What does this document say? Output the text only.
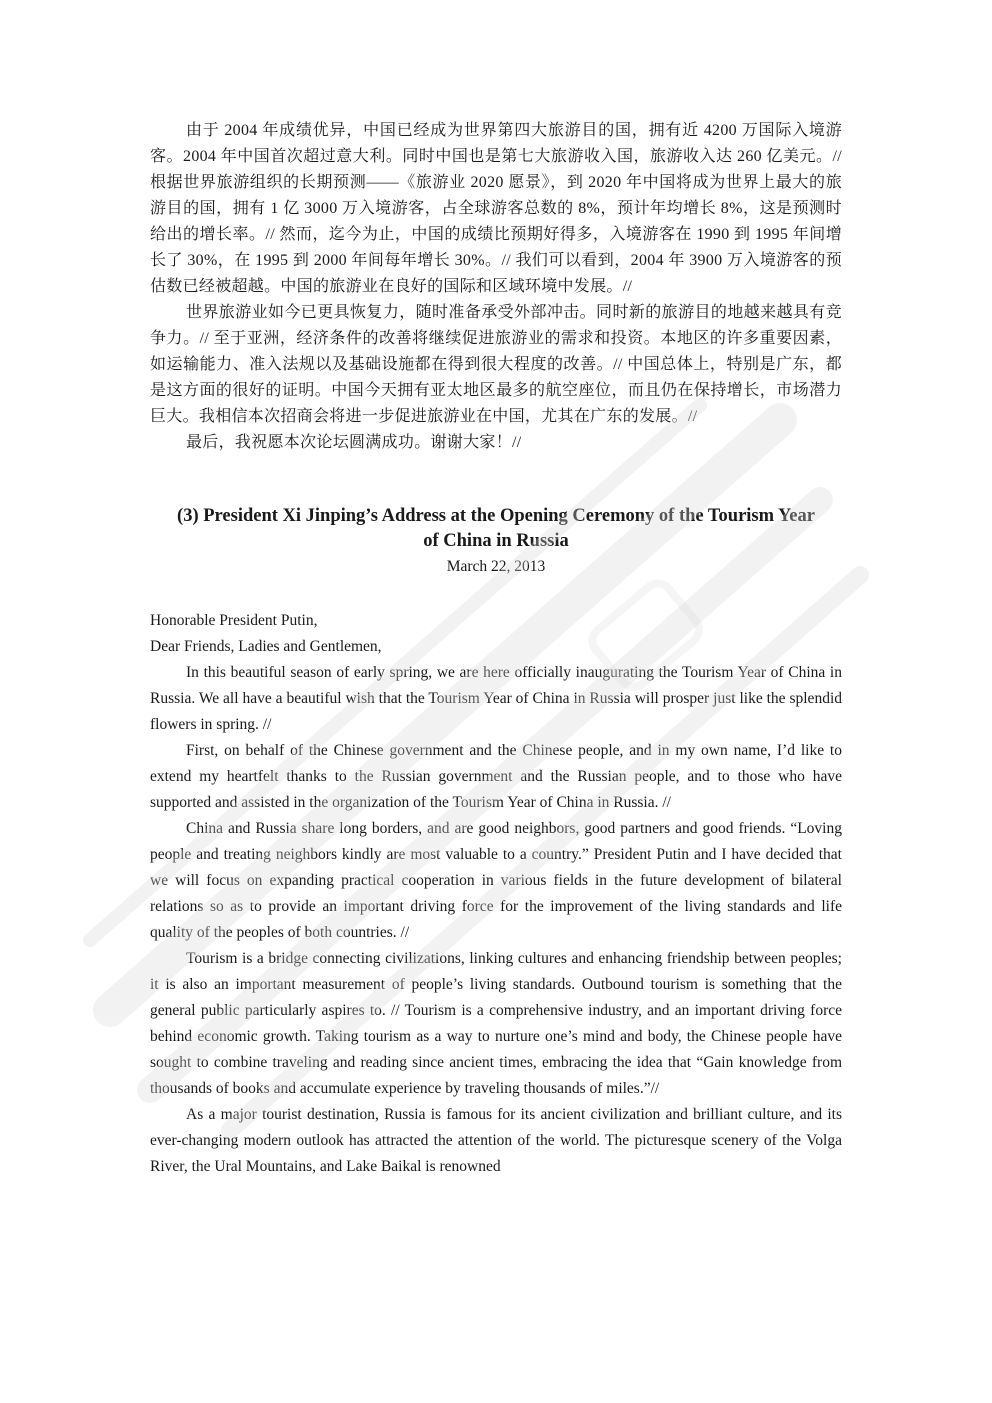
由于 2004 年成绩优异，中国已经成为世界第四大旅游目的国，拥有近 4200 万国际入境游客。2004 年中国首次超过意大利。同时中国也是第七大旅游收入国，旅游收入达 260 亿美元。// 根据世界旅游组织的长期预测——《旅游业 2020 愿景》，到 2020 年中国将成为世界上最大的旅游目的国，拥有 1 亿 3000 万入境游客，占全球游客总数的 8%，预计年均增长 8%，这是预测时给出的增长率。// 然而，迄今为止，中国的成绩比预期好得多，入境游客在 1990 到 1995 年间增长了 30%，在 1995 到 2000 年间每年增长 30%。// 我们可以看到，2004 年 3900 万入境游客的预估数已经被超越。中国的旅游业在良好的国际和区域环境中发展。//

世界旅游业如今已更具恢复力，随时准备承受外部冲击。同时新的旅游目的地越来越具有竞争力。// 至于亚洲，经济条件的改善将继续促进旅游业的需求和投资。本地区的许多重要因素，如运输能力、准入法规以及基础设施都在得到很大程度的改善。// 中国总体上，特别是广东，都是这方面的很好的证明。中国今天拥有亚太地区最多的航空座位，而且仍在保持增长，市场潜力巨大。我相信本次招商会将进一步促进旅游业在中国，尤其在广东的发展。//

最后，我祝愿本次论坛圆满成功。谢谢大家！//

(3) President Xi Jinping’s Address at the Opening Ceremony of the Tourism Year
of China in Russia
March 22, 2013

Honorable President Putin,

Dear Friends, Ladies and Gentlemen,

In this beautiful season of early spring, we are here officially inaugurating the Tourism Year of China in Russia. We all have a beautiful wish that the Tourism Year of China in Russia will prosper just like the splendid flowers in spring. //

First, on behalf of the Chinese government and the Chinese people, and in my own name, I’d like to extend my heartfelt thanks to the Russian government and the Russian people, and to those who have supported and assisted in the organization of the Tourism Year of China in Russia. //

China and Russia share long borders, and are good neighbors, good partners and good friends. “Loving people and treating neighbors kindly are most valuable to a country.” President Putin and I have decided that we will focus on expanding practical cooperation in various fields in the future development of bilateral relations so as to provide an important driving force for the improvement of the living standards and life quality of the peoples of both countries. //

Tourism is a bridge connecting civilizations, linking cultures and enhancing friendship between peoples; it is also an important measurement of people’s living standards. Outbound tourism is something that the general public particularly aspires to. // Tourism is a comprehensive industry, and an important driving force behind economic growth. Taking tourism as a way to nurture one’s mind and body, the Chinese people have sought to combine traveling and reading since ancient times, embracing the idea that “Gain knowledge from thousands of books and accumulate experience by traveling thousands of miles.”//

As a major tourist destination, Russia is famous for its ancient civilization and brilliant culture, and its ever-changing modern outlook has attracted the attention of the world. The picturesque scenery of the Volga River, the Ural Mountains, and Lake Baikal is renowned
